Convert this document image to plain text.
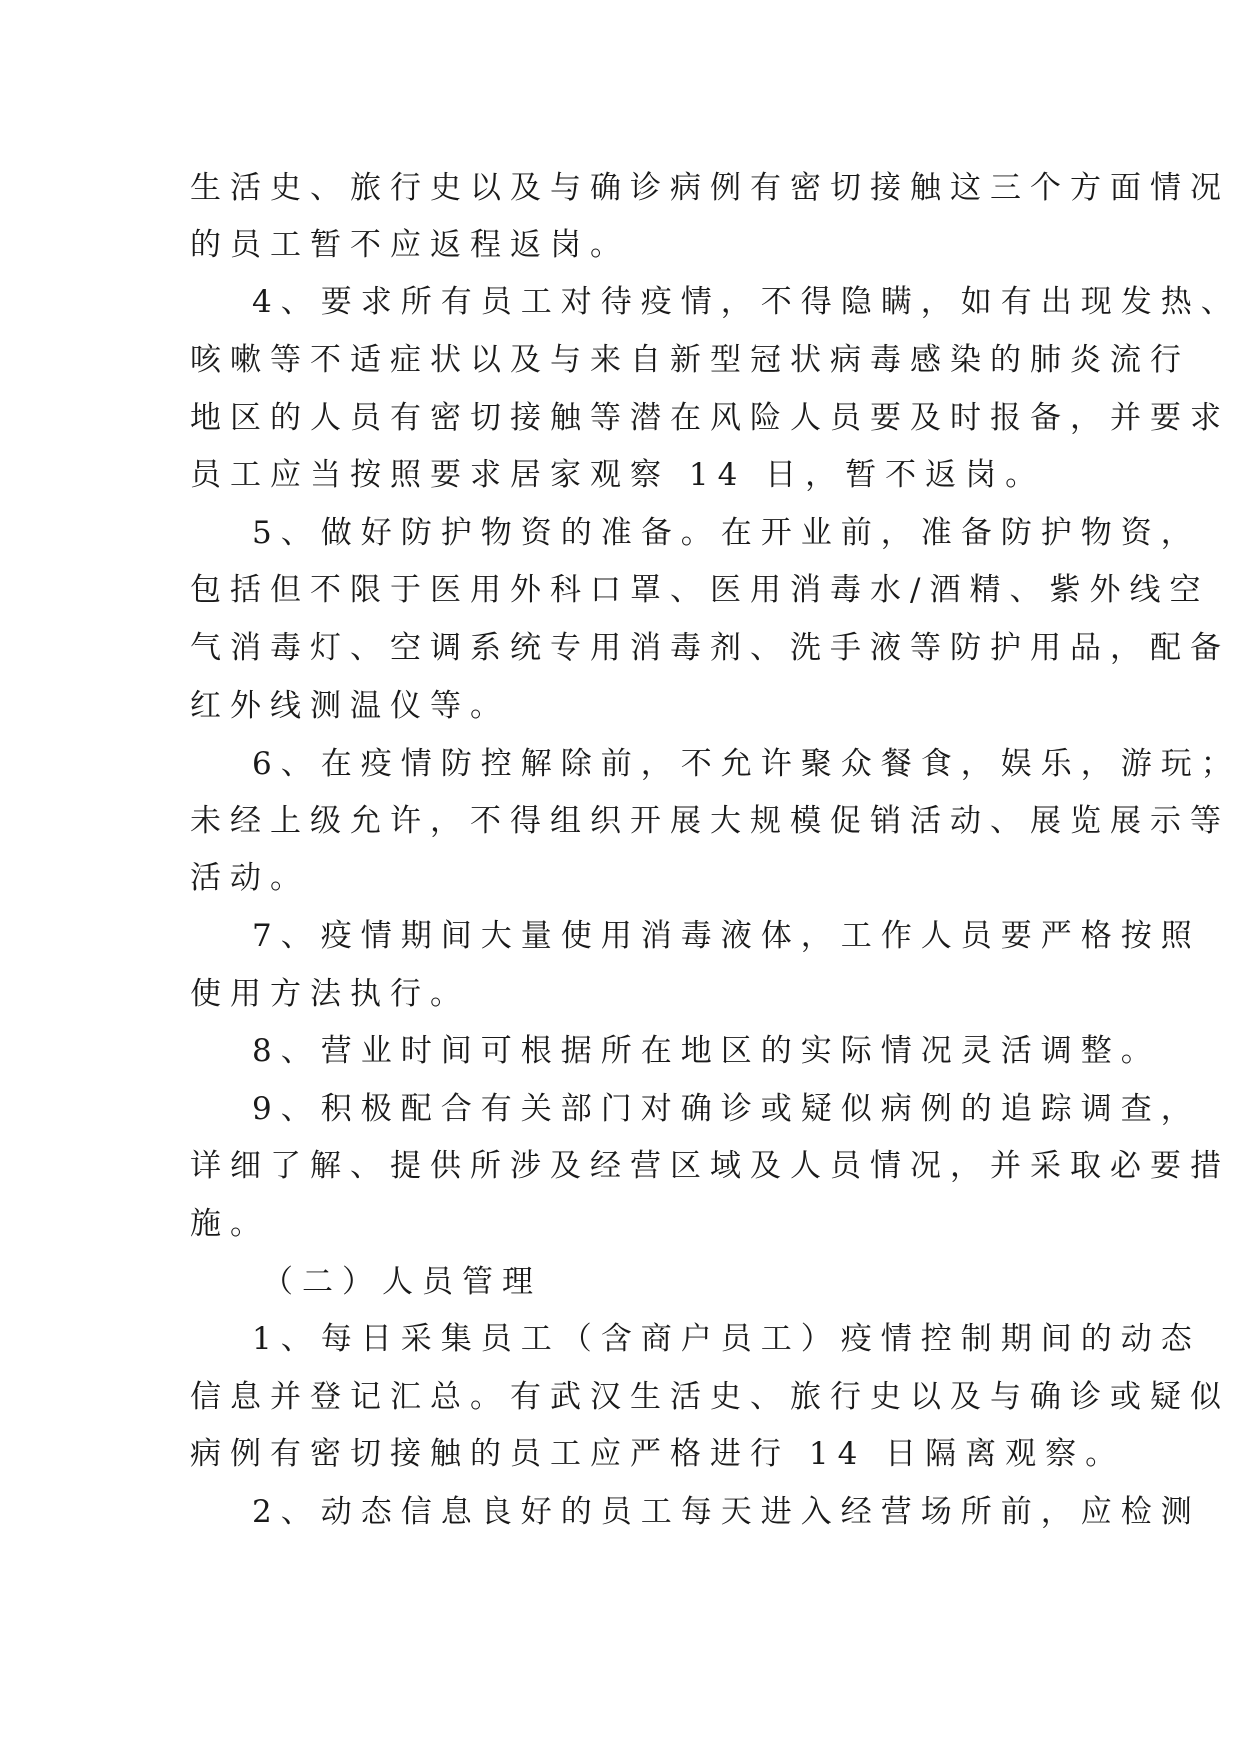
生活史、旅行史以及与确诊病例有密切接触这三个方面情况
的员工暂不应返程返岗。
4、要求所有员工对待疫情，不得隐瞒，如有出现发热、
咳嗽等不适症状以及与来自新型冠状病毒感染的肺炎流行
地区的人员有密切接触等潜在风险人员要及时报备，并要求
员工应当按照要求居家观察 14 日，暂不返岗。
5、做好防护物资的准备。在开业前，准备防护物资，
包括但不限于医用外科口罩、医用消毒水/酒精、紫外线空
气消毒灯、空调系统专用消毒剂、洗手液等防护用品，配备
红外线测温仪等。
6、在疫情防控解除前，不允许聚众餐食，娱乐，游玩；
未经上级允许，不得组织开展大规模促销活动、展览展示等
活动。
7、疫情期间大量使用消毒液体，工作人员要严格按照
使用方法执行。
8、营业时间可根据所在地区的实际情况灵活调整。
9、积极配合有关部门对确诊或疑似病例的追踪调查，
详细了解、提供所涉及经营区域及人员情况，并采取必要措
施。
（二）人员管理
1、每日采集员工（含商户员工）疫情控制期间的动态
信息并登记汇总。有武汉生活史、旅行史以及与确诊或疑似
病例有密切接触的员工应严格进行 14 日隔离观察。
2、动态信息良好的员工每天进入经营场所前，应检测
